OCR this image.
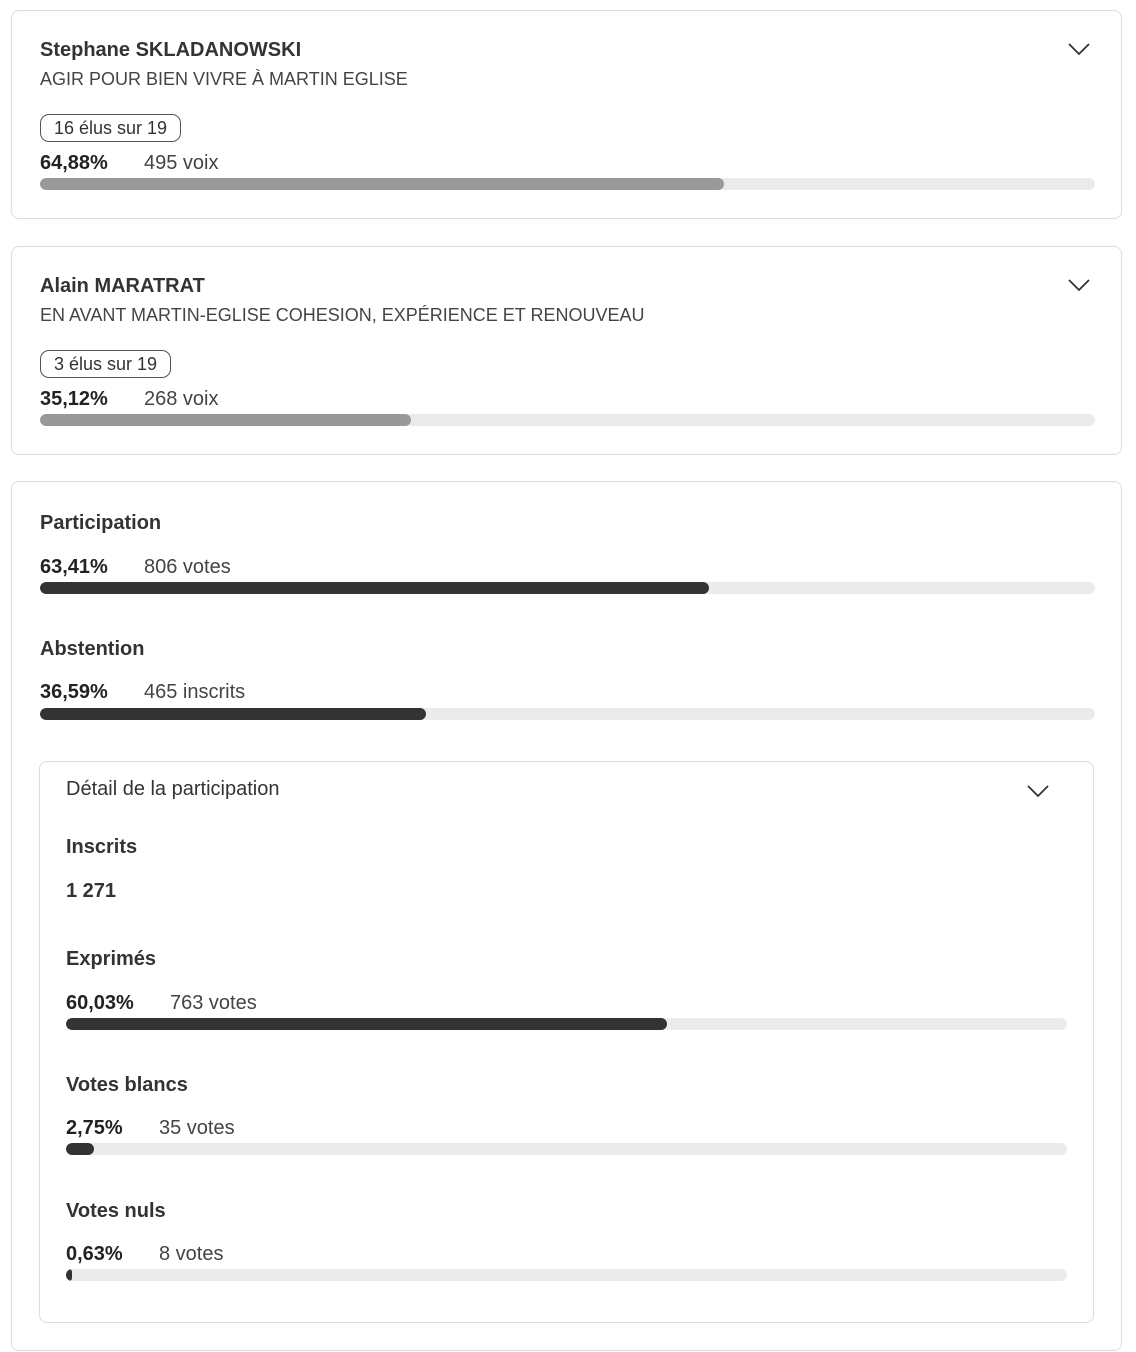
Stephane SKLADANOWSKI
AGIR POUR BIEN VIVRE À MARTIN EGLISE
16 élus sur 19
64,88% 495 voix
Alain MARATRAT
EN AVANT MARTIN-EGLISE COHESION, EXPÉRIENCE ET RENOUVEAU
3 élus sur 19
35,12% 268 voix
Participation
63,41% 806 votes
Abstention
36,59% 465 inscrits
Détail de la participation
Inscrits
1 271
Exprimés
60,03% 763 votes
Votes blancs
2,75% 35 votes
Votes nuls
0,63% 8 votes
